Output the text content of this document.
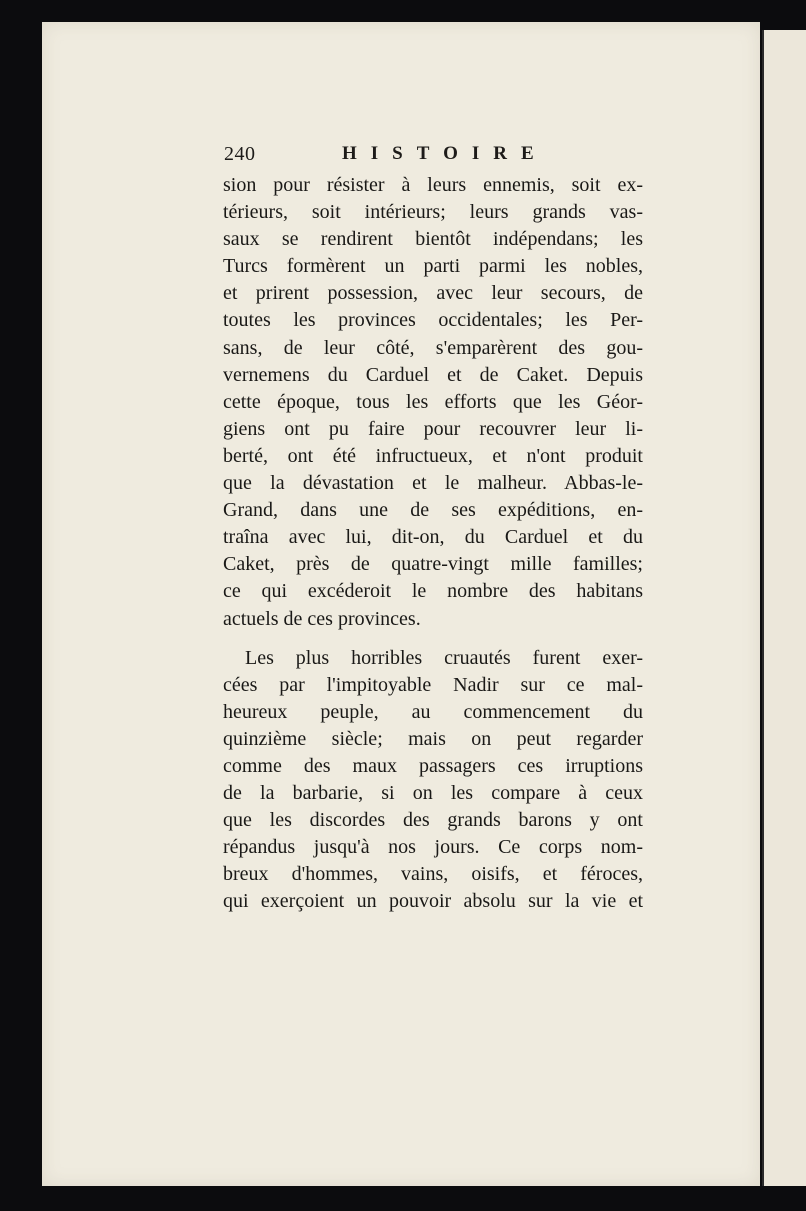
240	HISTOIRE
sion pour résister à leurs ennemis, soit ex-
térieurs, soit intérieurs; leurs grands vas-
saux se rendirent bientôt indépendans; les
Turcs formèrent un parti parmi les nobles,
et prirent possession, avec leur secours, de
toutes les provinces occidentales; les Per-
sans, de leur côté, s'emparèrent des gou-
vernemens du Carduel et de Caket. Depuis
cette époque, tous les efforts que les Géor-
giens ont pu faire pour recouvrer leur li-
berté, ont été infructueux, et n'ont produit
que la dévastation et le malheur. Abbas-le-
Grand, dans une de ses expéditions, en-
traîna avec lui, dit-on, du Carduel et du
Caket, près de quatre-vingt mille familles;
ce qui excéderoit le nombre des habitans
actuels de ces provinces.
Les plus horribles cruautés furent exer-
cées par l'impitoyable Nadir sur ce mal-
heureux peuple, au commencement du
quinzième siècle; mais on peut regarder
comme des maux passagers ces irruptions
de la barbarie, si on les compare à ceux
que les discordes des grands barons y ont
répandus jusqu'à nos jours. Ce corps nom-
breux d'hommes, vains, oisifs, et féroces,
qui exerçoient un pouvoir absolu sur la vie et
